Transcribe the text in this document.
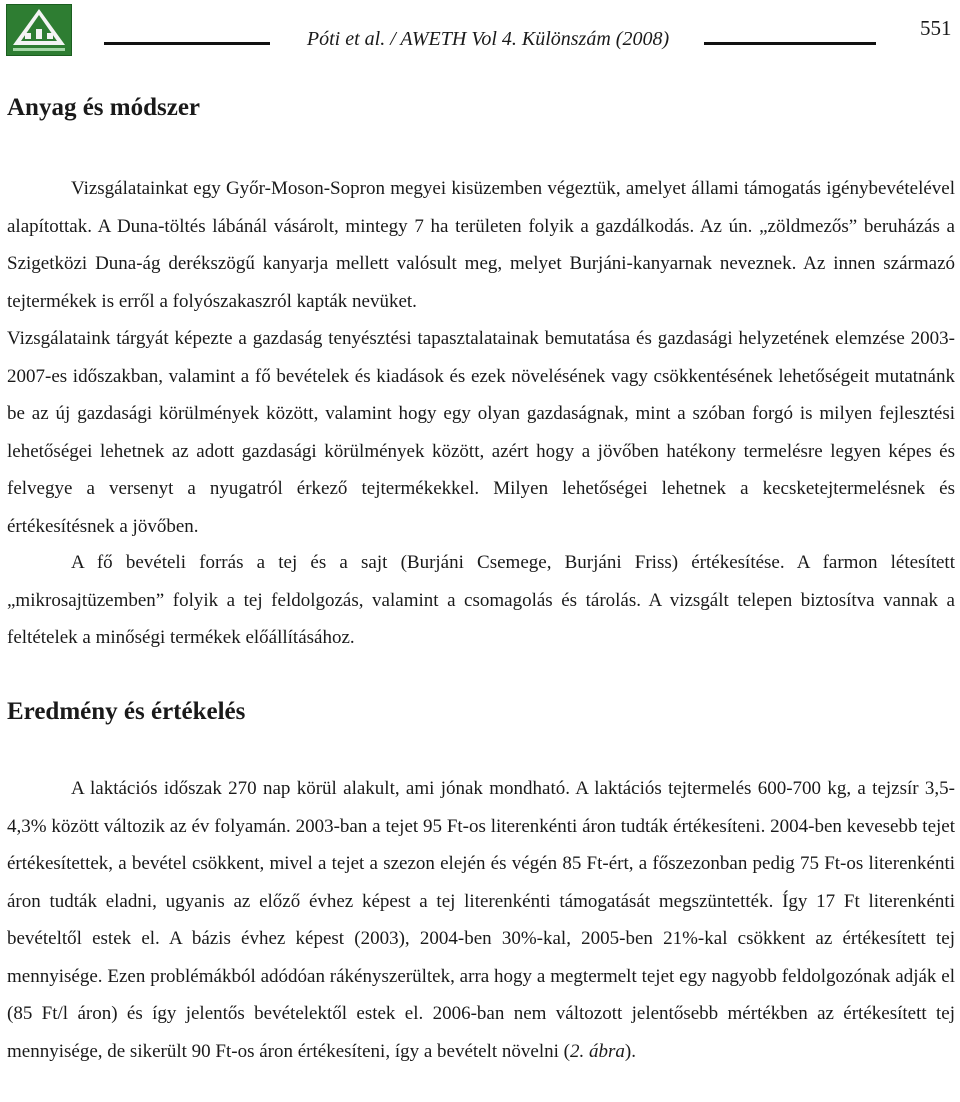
Póti et al. / AWETH Vol 4. Különszám (2008)	551
Anyag és módszer

Vizsgálatainkat egy Győr-Moson-Sopron megyei kisüzemben végeztük, amelyet állami támogatás igénybevételével alapítottak. A Duna-töltés lábánál vásárolt, mintegy 7 ha területen folyik a gazdálkodás. Az ún. „zöldmezős” beruházás a Szigetközi Duna-ág derékszögű kanyarja mellett valósult meg, melyet Burjáni-kanyarnak neveznek. Az innen származó tejtermékek is erről a folyószakaszról kapták nevüket.

Vizsgálataink tárgyát képezte a gazdaság tenyésztési tapasztalatainak bemutatása és gazdasági helyzetének elemzése 2003-2007-es időszakban, valamint a fő bevételek és kiadások és ezek növelésének vagy csökkentésének lehetőségeit mutatnánk be az új gazdasági körülmények között, valamint hogy egy olyan gazdaságnak, mint a szóban forgó is milyen fejlesztési lehetőségei lehetnek az adott gazdasági körülmények között, azért hogy a jövőben hatékony termelésre legyen képes és felvegye a versenyt a nyugatról érkező tejtermékekkel. Milyen lehetőségei lehetnek a kecsketejtermelésnek és értékesítésnek a jövőben.

A fő bevételi forrás a tej és a sajt (Burjáni Csemege, Burjáni Friss) értékesítése. A farmon létesített „mikrosajtüzemben” folyik a tej feldolgozás, valamint a csomagolás és tárolás. A vizsgált telepen biztosítva vannak a feltételek a minőségi termékek előállításához.

Eredmény és értékelés

A laktációs időszak 270 nap körül alakult, ami jónak mondható. A laktációs tejtermelés 600-700 kg, a tejzsír 3,5-4,3% között változik az év folyamán. 2003-ban a tejet 95 Ft-os literenkénti áron tudták értékesíteni. 2004-ben kevesebb tejet értékesítettek, a bevétel csökkent, mivel a tejet a szezon elején és végén 85 Ft-ért, a főszezonban pedig 75 Ft-os literenkénti áron tudták eladni, ugyanis az előző évhez képest a tej literenkénti támogatását megszüntették. Így 17 Ft literenkénti bevételtől estek el. A bázis évhez képest (2003), 2004-ben 30%-kal, 2005-ben 21%-kal csökkent az értékesített tej mennyisége. Ezen problémákból adódóan rákényszerültek, arra hogy a megtermelt tejet egy nagyobb feldolgozónak adják el (85 Ft/l áron) és így jelentős bevételektől estek el. 2006-ban nem változott jelentősebb mértékben az értékesített tej mennyisége, de sikerült 90 Ft-os áron értékesíteni, így a bevételt növelni (2. ábra).
